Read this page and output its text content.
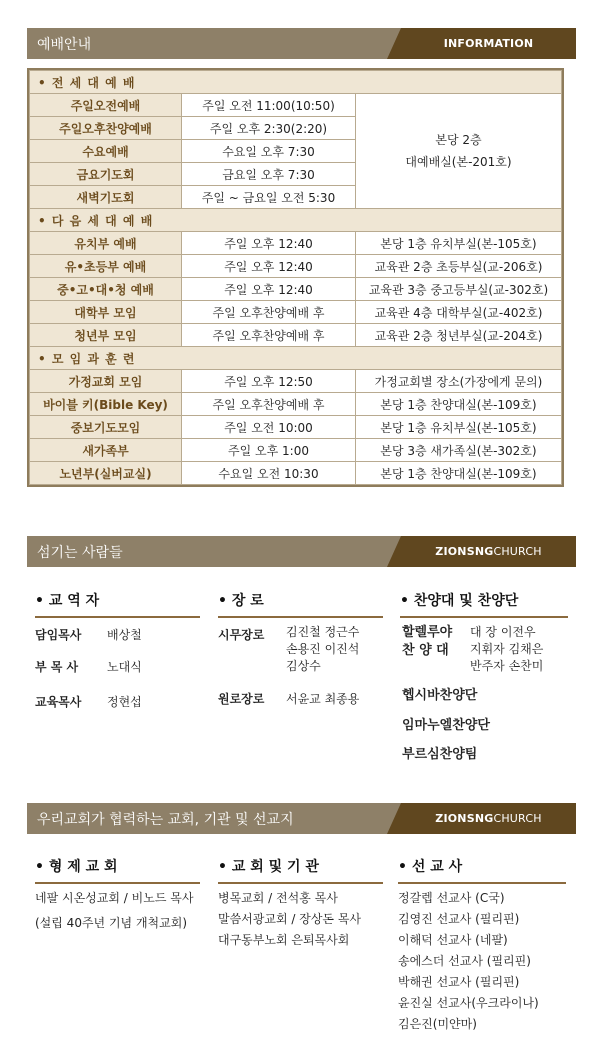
예배안내	INFORMATION
• 전 세 대 예 배		
주일오전예배	주일 오전 11:00(10:50)	본당 2층
대예배실(본-201호)

주일오후찬양예배	주일 오후 2:30(2:20)	
수요예배	수요일 오후 7:30	
금요기도회	금요일 오후 7:30	
새벽기도회	주일 ~ 금요일 오전 5:30	
• 다 음 세 대 예 배		
유치부 예배	주일 오후 12:40	본당 1층 유치부실(본-105호)
유•초등부 예배	주일 오후 12:40	교육관 2층 초등부실(교-206호)
중•고•대•청 예배	주일 오후 12:40	교육관 3층 중고등부실(교-302호)
대학부 모임	주일 오후찬양예배 후	교육관 4층 대학부실(교-402호)
청년부 모임	주일 오후찬양예배 후	교육관 2층 청년부실(교-204호)
• 모 임 과 훈 련		
가정교회 모임	주일 오후 12:50	가정교회별 장소(가장에게 문의)
바이블 키(Bible Key)	주일 오후찬양예배 후	본당 1층 찬양대실(본-109호)
중보기도모임	주일 오전 10:00	본당 1층 유치부실(본-105호)
새가족부	주일 오후 1:00	본당 3층 새가족실(본-302호)
노년부(실버교실)	수요일 오전 10:30	본당 1층 찬양대실(본-109호)
섬기는 사람들	ZIONSNG CHURCH
• 교 역 자
담임목사 배상철
부 목 사 노대식
교육목사 정현섭
• 장 로
시무장로 김진철 정근수
손용진 이진석
김상수
원로장로 서윤교 최종용
• 찬양대 및 찬양단
할렐루야
찬 양 대
대 장 이전우
지휘자 김채은
반주자 손찬미
헵시바찬양단
임마누엘찬양단
부르심찬양팀
우리교회가 협력하는 교회, 기관 및 선교지	ZIONSNG CHURCH
• 형 제 교 회
네팔 시온성교회 / 비노드 목사
(설립 40주년 기념 개척교회)
• 교 회 및 기 관
병목교회 / 전석홍 목사
말씀서광교회 / 장상돈 목사
대구동부노회 은퇴목사회
• 선 교 사
정갈렙 선교사 (C국)
김영진 선교사 (필리핀)
이해덕 선교사 (네팔)
송에스더 선교사 (필리핀)
박해권 선교사 (필리핀)
윤진실 선교사(우크라이나)
김은진(미얀마)
